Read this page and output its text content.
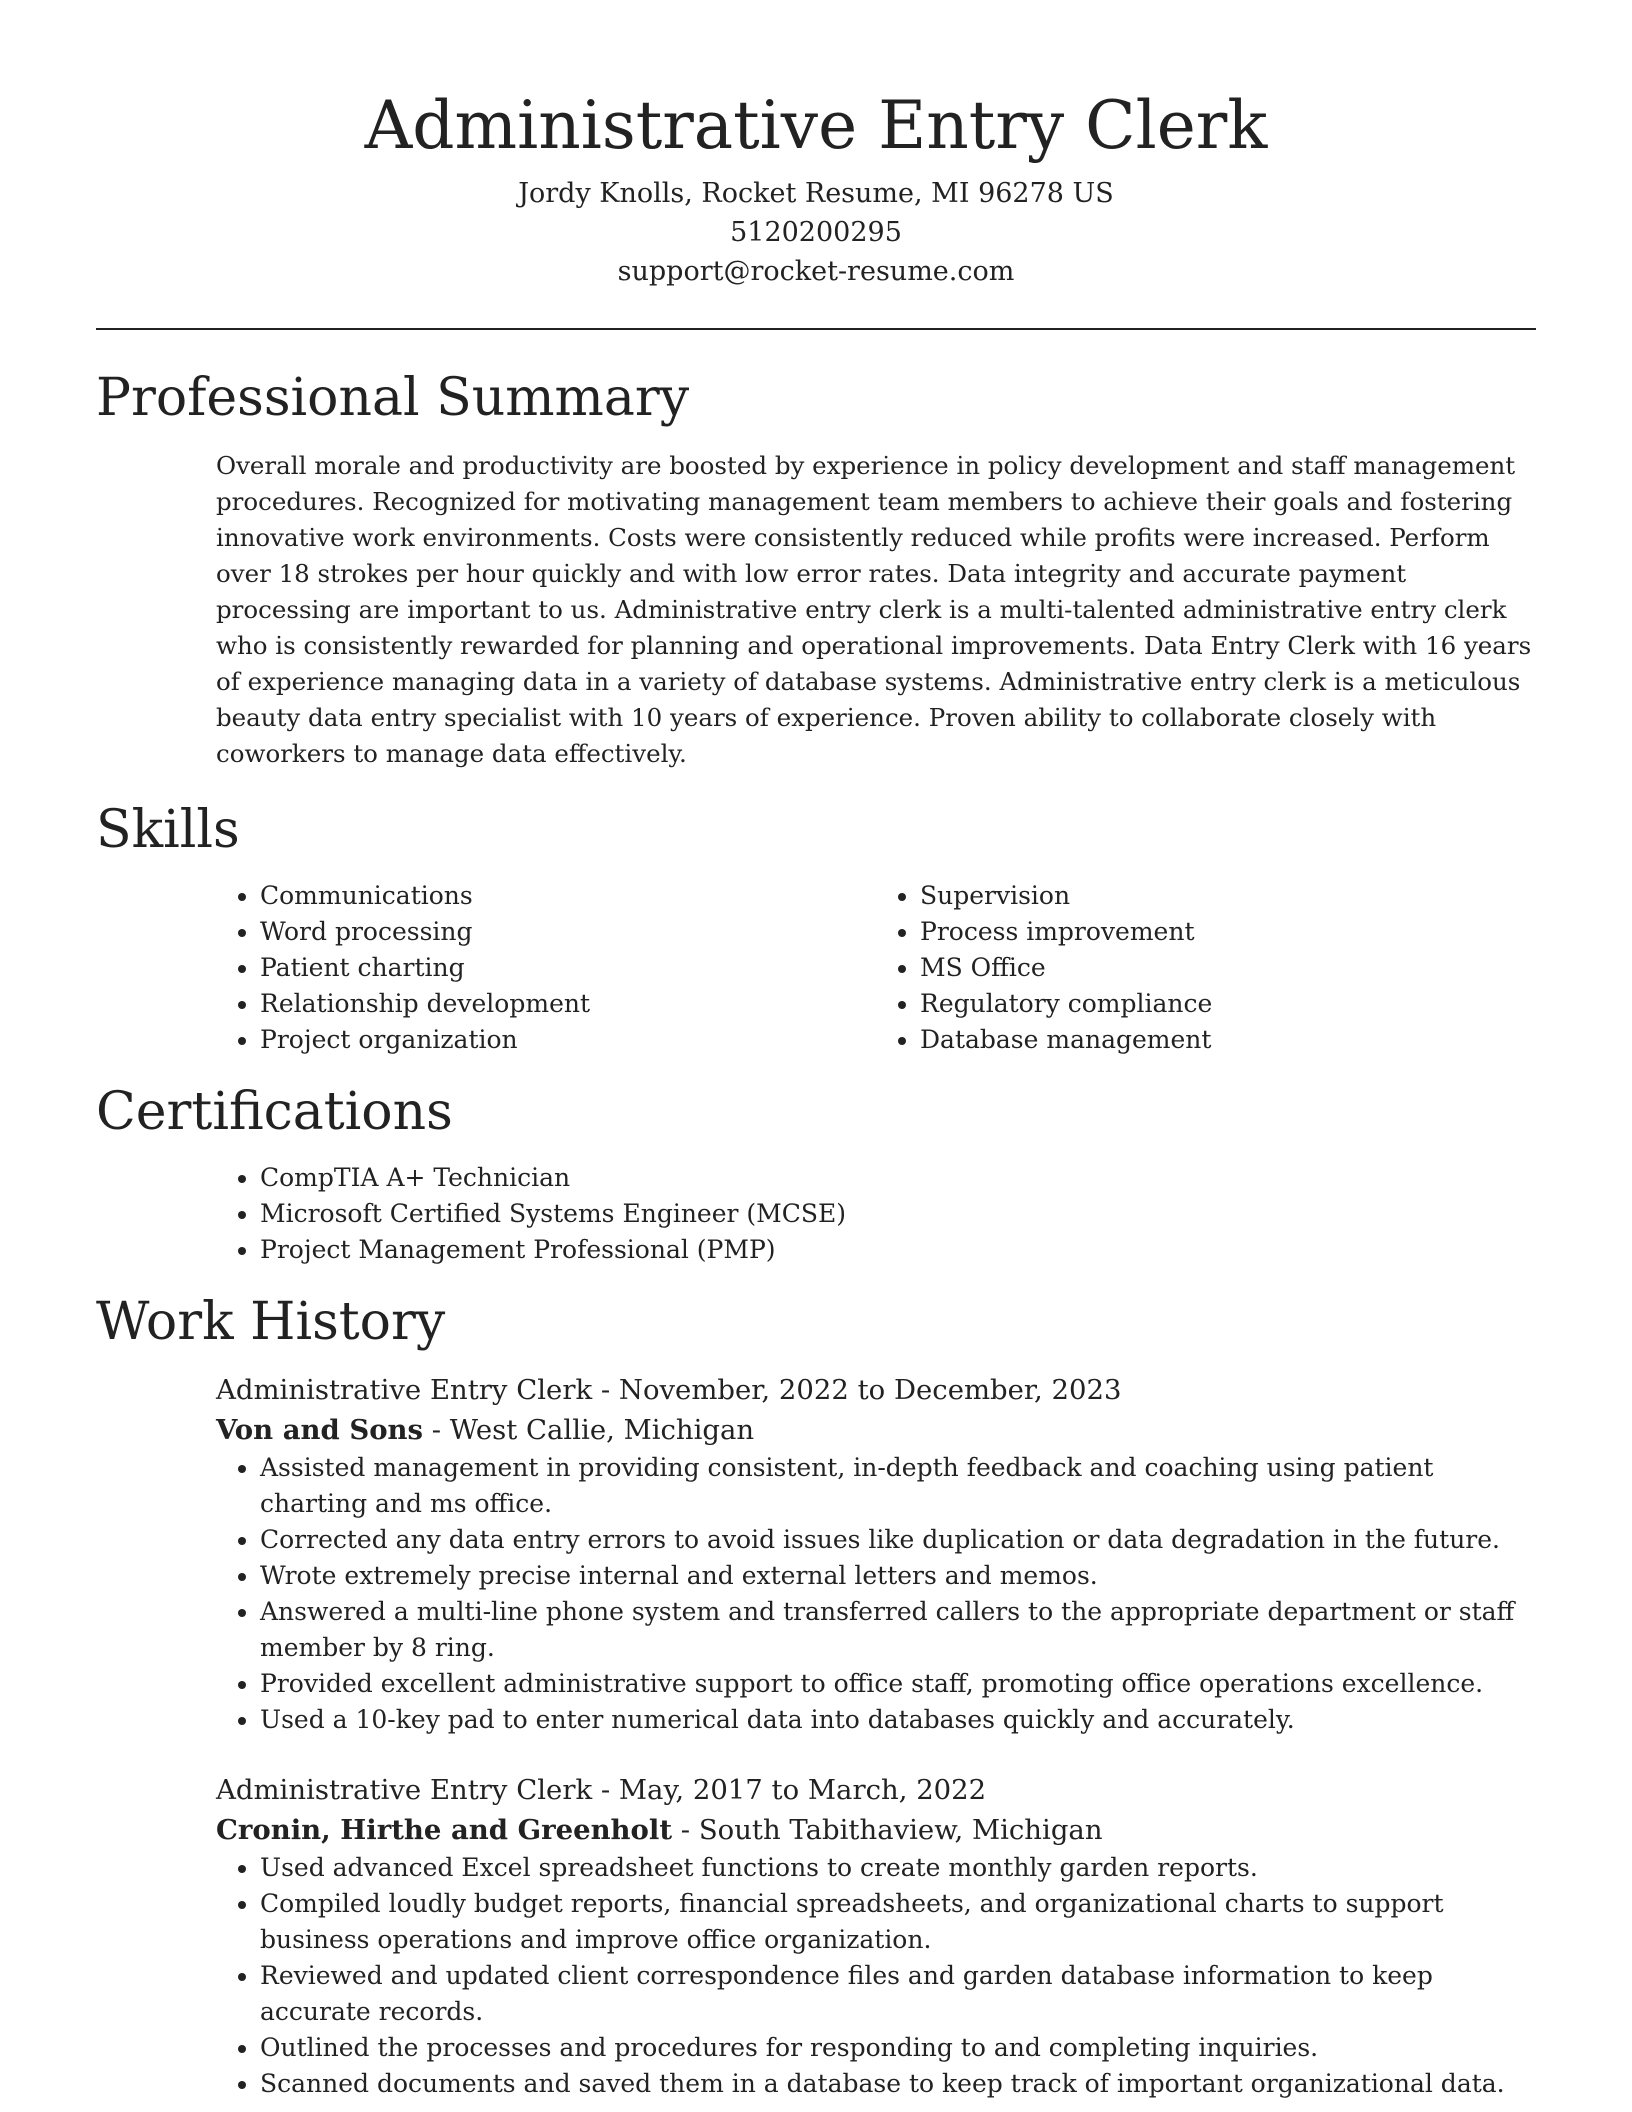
Administrative Entry Clerk
Jordy Knolls, Rocket Resume, MI 96278 US
5120200295
support@rocket-resume.com
Professional Summary

Overall morale and productivity are boosted by experience in policy development and staff management procedures. Recognized for motivating management team members to achieve their goals and fostering innovative work environments. Costs were consistently reduced while profits were increased. Perform over 18 strokes per hour quickly and with low error rates. Data integrity and accurate payment processing are important to us. Administrative entry clerk is a multi-talented administrative entry clerk who is consistently rewarded for planning and operational improvements. Data Entry Clerk with 16 years of experience managing data in a variety of database systems. Administrative entry clerk is a meticulous beauty data entry specialist with 10 years of experience. Proven ability to collaborate closely with coworkers to manage data effectively.

Skills
• Communications
• Word processing
• Patient charting
• Relationship development
• Project organization
• Supervision
• Process improvement
• MS Office
• Regulatory compliance
• Database management
Certifications
• CompTIA A+ Technician
• Microsoft Certified Systems Engineer (MCSE)
• Project Management Professional (PMP)
Work History
Administrative Entry Clerk - November, 2022 to December, 2023
Von and Sons - West Callie, Michigan
• Assisted management in providing consistent, in-depth feedback and coaching using patient charting and ms office.
• Corrected any data entry errors to avoid issues like duplication or data degradation in the future.
• Wrote extremely precise internal and external letters and memos.
• Answered a multi-line phone system and transferred callers to the appropriate department or staff member by 8 ring.
• Provided excellent administrative support to office staff, promoting office operations excellence.
• Used a 10-key pad to enter numerical data into databases quickly and accurately.
Administrative Entry Clerk - May, 2017 to March, 2022
Cronin, Hirthe and Greenholt - South Tabithaview, Michigan
• Used advanced Excel spreadsheet functions to create monthly garden reports.
• Compiled loudly budget reports, financial spreadsheets, and organizational charts to support business operations and improve office organization.
• Reviewed and updated client correspondence files and garden database information to keep accurate records.
• Outlined the processes and procedures for responding to and completing inquiries.
• Scanned documents and saved them in a database to keep track of important organizational data.
